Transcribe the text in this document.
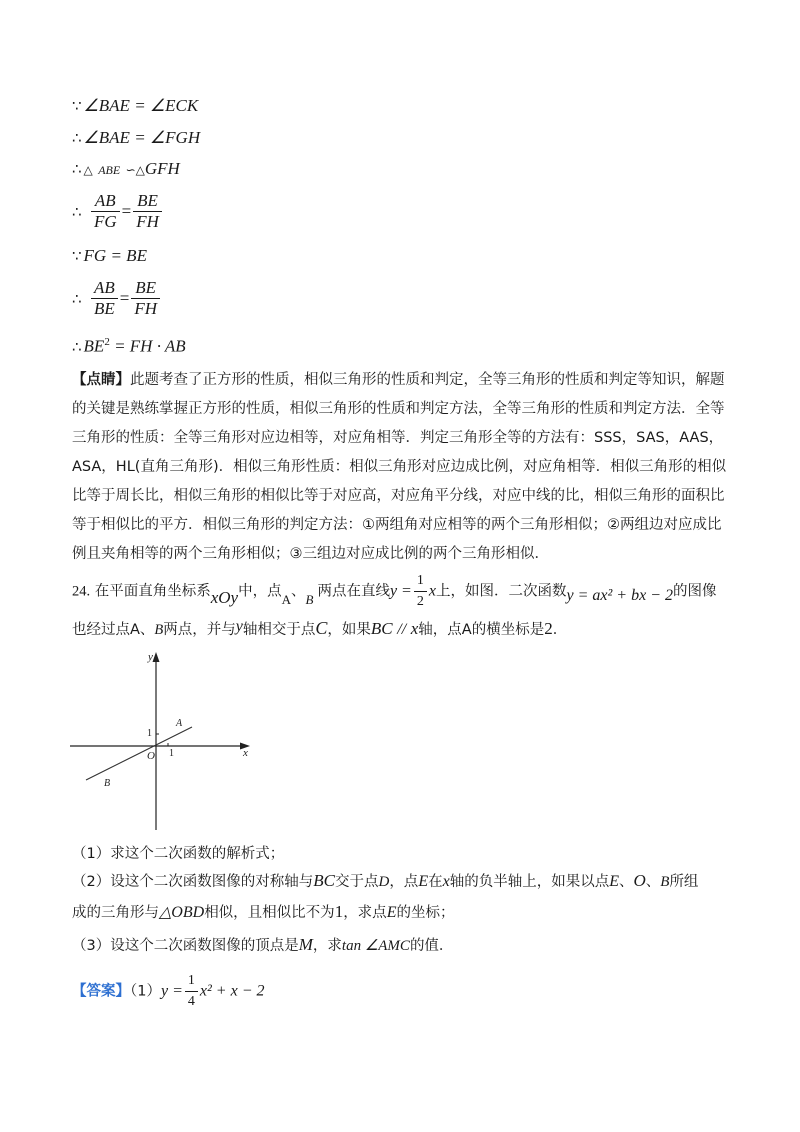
∵ ∠BAE = ∠ECK
∴ ∠BAE = ∠FGH
∴ △ ABE ∽△GFH
∴ $\frac{AB}{FG} = \frac{BE}{FH}$
∵ FG = BE
∴ $\frac{AB}{BE} = \frac{BE}{FH}$
∴ $BE^2$ = FH · AB
【点睛】此题考查了正方形的性质，相似三角形的性质和判定，全等三角形的性质和判定等知识，解题的关键是熟练掌握正方形的性质，相似三角形的性质和判定方法，全等三角形的性质和判定方法．全等三角形的性质：全等三角形对应边相等，对应角相等．判定三角形全等的方法有：SSS，SAS，AAS，ASA，HL(直角三角形)．相似三角形性质：相似三角形对应边成比例，对应角相等．相似三角形的相似比等于周长比，相似三角形的相似比等于对应高，对应角平分线，对应中线的比，相似三角形的面积比等于相似比的平方．相似三角形的判定方法：①两组角对应相等的两个三角形相似；②两组边对应成比例且夹角相等的两个三角形相似；③三组边对应成比例的两个三角形相似．
24. 在平面直角坐标系xOy中，点A、B 两点在直线$y = \frac{1}{2}$ x上，如图．二次函数y = ax² + bx − 2的图像
也经过点A、B两点，并与y轴相交于点C，如果BC // x轴，点A的横坐标是2．
y
x
O 1
1
A
B
（1）求这个二次函数的解析式；
（2）设这个二次函数图像的对称轴与BC交于点D，点E在x轴的负半轴上，如果以点E、O、B所组
成的三角形与△OBD相似，且相似比不为1，求点E的坐标；
（3）设这个二次函数图像的顶点是M，求tan ∠AMC的值．
【答案】$(1)y = \frac{1}{4} x^2 + x - 2$
